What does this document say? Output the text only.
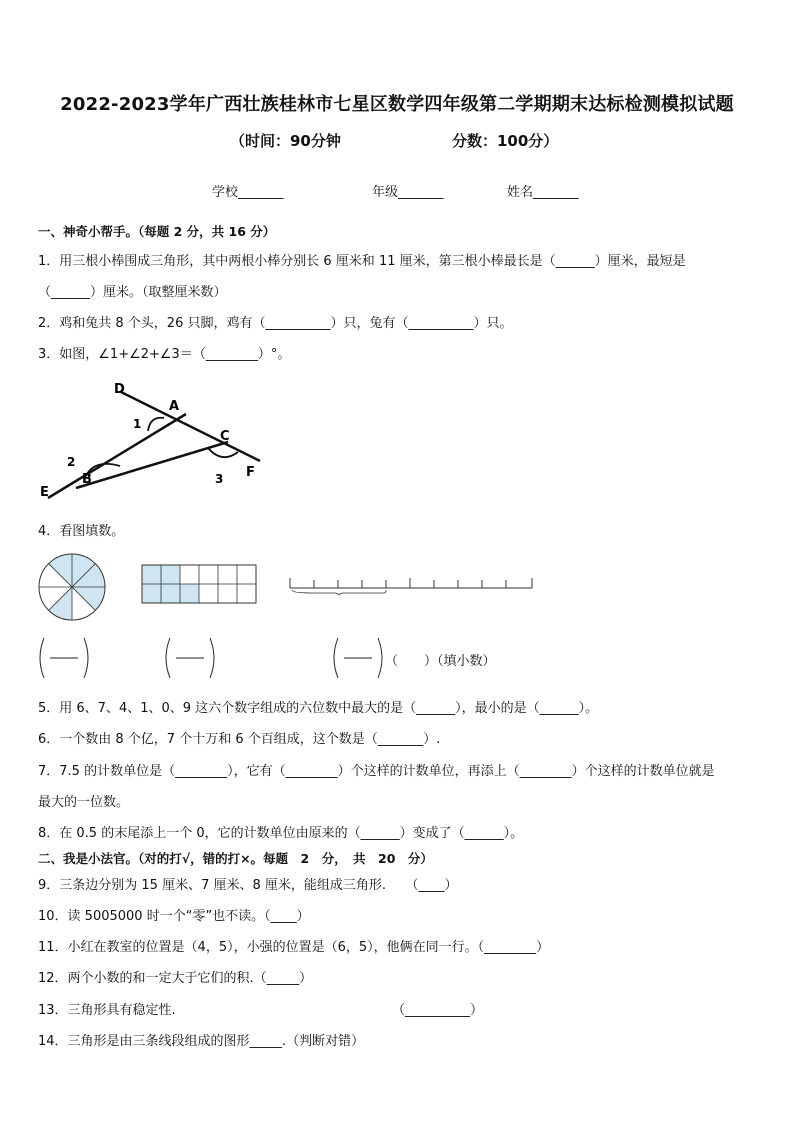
2022-2023学年广西壮族桂林市七星区数学四年级第二学期期末达标检测模拟试题
（时间：90分钟	分数：100分）
学校_______	年级_______	姓名_______
一、神奇小帮手。（每题 2 分，共 16 分）
1．用三根小棒围成三角形，其中两根小棒分别长 6 厘米和 11 厘米，第三根小棒最长是（______）厘米，最短是
（______）厘米。（取整厘米数）
2．鸡和兔共 8 个头，26 只脚，鸡有（__________）只，兔有（__________）只。
3．如图，∠1+∠2+∠3＝（________）°。
D
A
C
B
E
F
1
2
3
4．看图填数。
（　　）（填小数）
5．用 6、7、4、1、0、9 这六个数字组成的六位数中最大的是（______），最小的是（______）。
6．一个数由 8 个亿，7 个十万和 6 个百组成，这个数是（_______）.
7．7.5 的计数单位是（________），它有（________）个这样的计数单位，再添上（________）个这样的计数单位就是
最大的一位数。
8．在 0.5 的末尾添上一个 0，它的计数单位由原来的（______）变成了（______）。
二、我是小法官。（对的打√，错的打×。每题　2　分，　共　20　分）
9．三条边分别为 15 厘米、7 厘米、8 厘米，能组成三角形.　　（____）
10．读 5005000 时一个“零”也不读。（____）
11．小红在教室的位置是（4，5），小强的位置是（6，5），他俩在同一行。（________）
12．两个小数的和一定大于它们的积.（_____）
13．三角形具有稳定性.	（__________）
14．三角形是由三条线段组成的图形_____.（判断对错）
